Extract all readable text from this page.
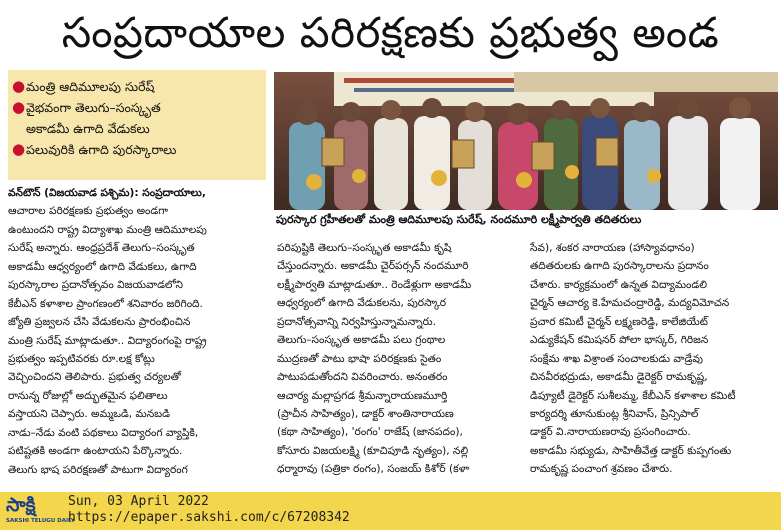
సంప్రదాయాల పరిరక్షణకు ప్రభుత్వ అండ
● మంత్రి ఆదిమూలపు సురేష్
● వైభవంగా తెలుగు–సంస్కృత
అకాడమీ ఉగాది వేడుకలు
● పలువురికి ఉగాది పురస్కారాలు
పురస్కార గ్రహీతలతో మంత్రి ఆదిమూలపు సురేష్, నందమూరి లక్ష్మీపార్వతి తదితరులు
వన్‌టౌన్‌ (విజయవాడ పశ్చిమ): సంప్రదాయాలు,
ఆచారాల పరిరక్షణకు ప్రభుత్వం అండగా
ఉంటుందని రాష్ట్ర విద్యాశాఖ మంత్రి ఆదిమూలపు
సురేష్‌ అన్నారు. ఆంధ్రప్రదేశ్‌ తెలుగు–సంస్కృత
అకాడమీ ఆధ్వర్యంలో ఉగాది వేడుకలు, ఉగాది
పురస్కారాల ప్రదానోత్సవం విజయవాడలోని
కేబీఎన్‌ కళాశాల ప్రాంగణంలో శనివారం జరిగింది.
జ్యోతి ప్రజ్వలన చేసి వేడుకలను ప్రారంభించిన
మంత్రి సురేష్‌ మాట్లాడుతూ.. విద్యారంగంపై రాష్ట్ర
ప్రభుత్వం ఇప్పటివరకు రూ.లక్ష కోట్లు
వెచ్చించిందని తెలిపారు. ప్రభుత్వ చర్యలతో
రానున్న రోజుల్లో అద్భుతమైన ఫలితాలు
వస్తాయని చెప్పారు. అమ్మఒడి, మనబడి
నాడు–నేడు వంటి పథకాలు విద్యారంగ వ్యాప్తికి,
పటిష్టతకి అండగా ఉంటాయని పేర్కొన్నారు.
తెలుగు భాష పరిరక్షణతో పాటుగా విద్యారంగ
పరిపుష్టికి తెలుగు–సంస్కృత అకాడమీ కృషి
చేస్తుందన్నారు. అకాడమీ చైర్‌పర్సన్‌ నందమూరి
లక్ష్మీపార్వతి మాట్లాడుతూ.. రెండేళ్లుగా అకాడమీ
ఆధ్వర్యంలో ఉగాది వేడుకలను, పురస్కార
ప్రదానోత్సవాన్ని నిర్వహిస్తున్నామన్నారు.
తెలుగు–సంస్కృత అకాడమీ పలు గ్రంథాల
ముద్రణతో పాటు భాషా పరిరక్షణకు సైతం
పాటుపడుతోందని వివరించారు. అనంతరం
ఆచార్య మల్లాప్రగడ శ్రీమన్నారాయణమూర్తి
(ప్రాచీన సాహిత్యం), డాక్టర్‌ శాంతినారాయణ
(కథా సాహిత్యం), 'రంగం' రాజేష్‌ (జానపదం),
కోసూరు విజయలక్ష్మి (కూచిపూడి నృత్యం), నల్లి
ధర్మారావు (పత్రికా రంగం), సంజయ్‌ కిశోర్‌ (కళా
సేవ), శంకర నారాయణ (హాస్యావధానం)
తదితరులకు ఉగాది పురస్కారాలను ప్రదానం
చేశారు. కార్యక్రమంలో ఉన్నత విద్యామండలి
చైర్మన్‌ ఆచార్య కె.హేమచంద్రారెడ్డి, మద్యవిమోచన
ప్రచార కమిటీ చైర్మన్‌ లక్ష్మణరెడ్డి, కాలేజియేట్‌
ఎడ్యుకేషన్‌ కమిషనర్‌ పోలా భాస్కర్‌, గిరిజన
సంక్షేమ శాఖ విశ్రాంత సంచాలకుడు వాడ్రేవు
చినవీరభద్రుడు, అకాడమీ డైరెక్టర్‌ రామకృష్ణ,
డిప్యూటీ డైరెక్టర్‌ సుశీలమ్మ, కేబీఎన్‌ కళాశాల కమిటీ
కార్యదర్శి తూనుకుంట్ల శ్రీనివాస్‌, ప్రిన్సిపాల్‌
డాక్టర్‌ వి.నారాయణరావు ప్రసంగించారు.
అకాడమీ సభ్యుడు, సాహితీవేత్త డాక్టర్‌ కుప్పగంతు
రామకృష్ణ పంచాంగ శ్రవణం చేశారు.
సాక్షి
SAKSHI TELUGU DAILY
Sun, 03 April 2022
https://epaper.sakshi.com/c/67208342
